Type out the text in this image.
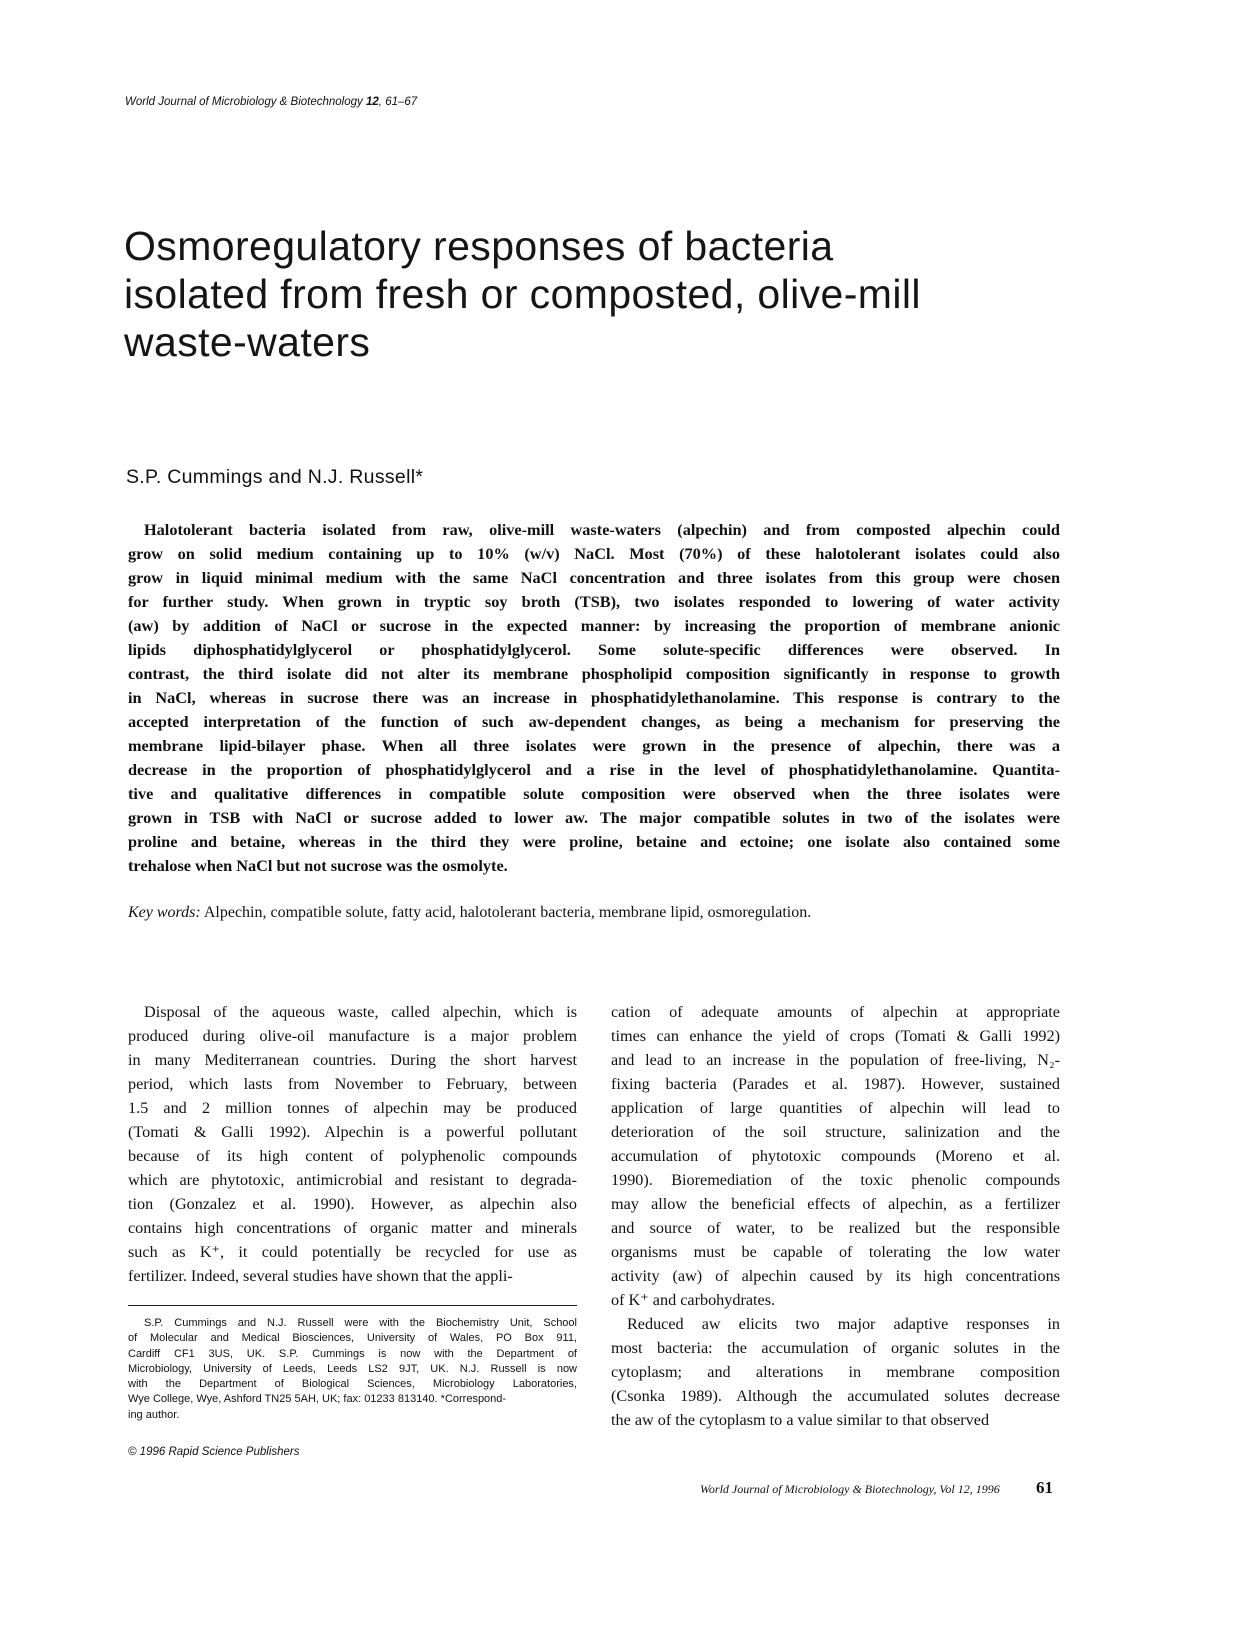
World Journal of Microbiology & Biotechnology 12, 61–67
Osmoregulatory responses of bacteria
isolated from fresh or composted, olive-mill
waste-waters
S.P. Cummings and N.J. Russell*
Halotolerant bacteria isolated from raw, olive-mill waste-waters (alpechin) and from composted alpechin could
grow on solid medium containing up to 10% (w/v) NaCl. Most (70%) of these halotolerant isolates could also
grow in liquid minimal medium with the same NaCl concentration and three isolates from this group were chosen
for further study. When grown in tryptic soy broth (TSB), two isolates responded to lowering of water activity
(aw) by addition of NaCl or sucrose in the expected manner: by increasing the proportion of membrane anionic
lipids diphosphatidylglycerol or phosphatidylglycerol. Some solute-specific differences were observed. In
contrast, the third isolate did not alter its membrane phospholipid composition significantly in response to growth
in NaCl, whereas in sucrose there was an increase in phosphatidylethanolamine. This response is contrary to the
accepted interpretation of the function of such aw-dependent changes, as being a mechanism for preserving the
membrane lipid-bilayer phase. When all three isolates were grown in the presence of alpechin, there was a
decrease in the proportion of phosphatidylglycerol and a rise in the level of phosphatidylethanolamine. Quantita-
tive and qualitative differences in compatible solute composition were observed when the three isolates were
grown in TSB with NaCl or sucrose added to lower aw. The major compatible solutes in two of the isolates were
proline and betaine, whereas in the third they were proline, betaine and ectoine; one isolate also contained some
trehalose when NaCl but not sucrose was the osmolyte.
Key words: Alpechin, compatible solute, fatty acid, halotolerant bacteria, membrane lipid, osmoregulation.
Disposal of the aqueous waste, called alpechin, which is
produced during olive-oil manufacture is a major problem
in many Mediterranean countries. During the short harvest
period, which lasts from November to February, between
1.5 and 2 million tonnes of alpechin may be produced
(Tomati & Galli 1992). Alpechin is a powerful pollutant
because of its high content of polyphenolic compounds
which are phytotoxic, antimicrobial and resistant to degrada-
tion (Gonzalez et al. 1990). However, as alpechin also
contains high concentrations of organic matter and minerals
such as K⁺, it could potentially be recycled for use as
fertilizer. Indeed, several studies have shown that the appli-
cation of adequate amounts of alpechin at appropriate
times can enhance the yield of crops (Tomati & Galli 1992)
and lead to an increase in the population of free-living, N₂-
fixing bacteria (Parades et al. 1987). However, sustained
application of large quantities of alpechin will lead to
deterioration of the soil structure, salinization and the
accumulation of phytotoxic compounds (Moreno et al.
1990). Bioremediation of the toxic phenolic compounds
may allow the beneficial effects of alpechin, as a fertilizer
and source of water, to be realized but the responsible
organisms must be capable of tolerating the low water
activity (aw) of alpechin caused by its high concentrations
of K⁺ and carbohydrates.
Reduced aw elicits two major adaptive responses in
most bacteria: the accumulation of organic solutes in the
cytoplasm; and alterations in membrane composition
(Csonka 1989). Although the accumulated solutes decrease
the aw of the cytoplasm to a value similar to that observed
S.P. Cummings and N.J. Russell were with the Biochemistry Unit, School
of Molecular and Medical Biosciences, University of Wales, PO Box 911,
Cardiff CF1 3US, UK. S.P. Cummings is now with the Department of
Microbiology, University of Leeds, Leeds LS2 9JT, UK. N.J. Russell is now
with the Department of Biological Sciences, Microbiology Laboratories,
Wye College, Wye, Ashford TN25 5AH, UK; fax: 01233 813140. *Correspond-
ing author.
© 1996 Rapid Science Publishers
World Journal of Microbiology & Biotechnology, Vol 12, 1996 61
